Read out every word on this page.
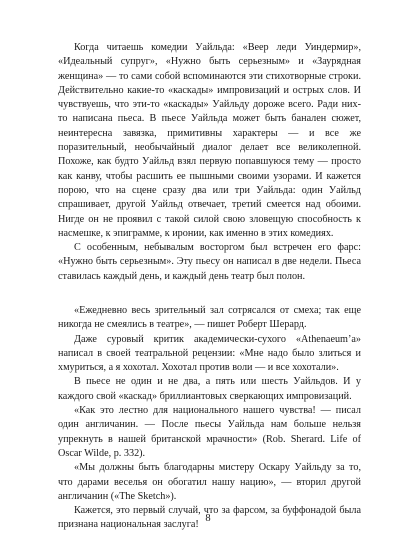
Когда читаешь комедии Уайльда: «Веер леди Уиндермир», «Идеальный супруг», «Нужно быть серьезным» и «Заурядная женщина» — то сами собой вспоминаются эти стихотворные строки. Действительно какие-то «каскады» импровизаций и острых слов. И чувствуешь, что эти-то «каскады» Уайльду дороже всего. Ради них-то написана пьеса. В пьесе Уайльда может быть банален сюжет, неинтересна завязка, примитивны характеры — и все же поразительный, необычайный диалог делает все великолепной. Похоже, как будто Уайльд взял первую попавшуюся тему — просто как канву, чтобы расшить ее пышными своими узорами. И кажется порою, что на сцене сразу два или три Уайльда: один Уайльд спрашивает, другой Уайльд отвечает, третий смеется над обоими. Нигде он не проявил с такой силой свою зловещую способность к насмешке, к эпиграмме, к иронии, как именно в этих комедиях.

С особенным, небывалым восторгом был встречен его фарс: «Нужно быть серьезным». Эту пьесу он написал в две недели. Пьеса ставилась каждый день, и каждый день театр был полон.

«Ежедневно весь зрительный зал сотрясался от смеха; так еще никогда не смеялись в театре», — пишет Роберт Шерард.

Даже суровый критик академически-сухого «Athenaeum’a» написал в своей театральной рецензии: «Мне надо было злиться и хмуриться, а я хохотал. Хохотал против воли — и все хохотали».

В пьесе не один и не два, а пять или шесть Уайльдов. И у каждого свой «каскад» бриллиантовых сверкающих импровизаций.

«Как это лестно для национального нашего чувства! — писал один англичанин. — После пьесы Уайльда нам больше нельзя упрекнуть в нашей британской мрачности» (Rob. Sherard. Life of Oscar Wilde, p. 332).

«Мы должны быть благодарны мистеру Оскару Уайльду за то, что дарами веселья он обогатил нашу нацию», — вторил другой англичанин («The Sketch»).

Кажется, это первый случай, что за фарсом, за буффонадой была признана национальная заслуга!

8
